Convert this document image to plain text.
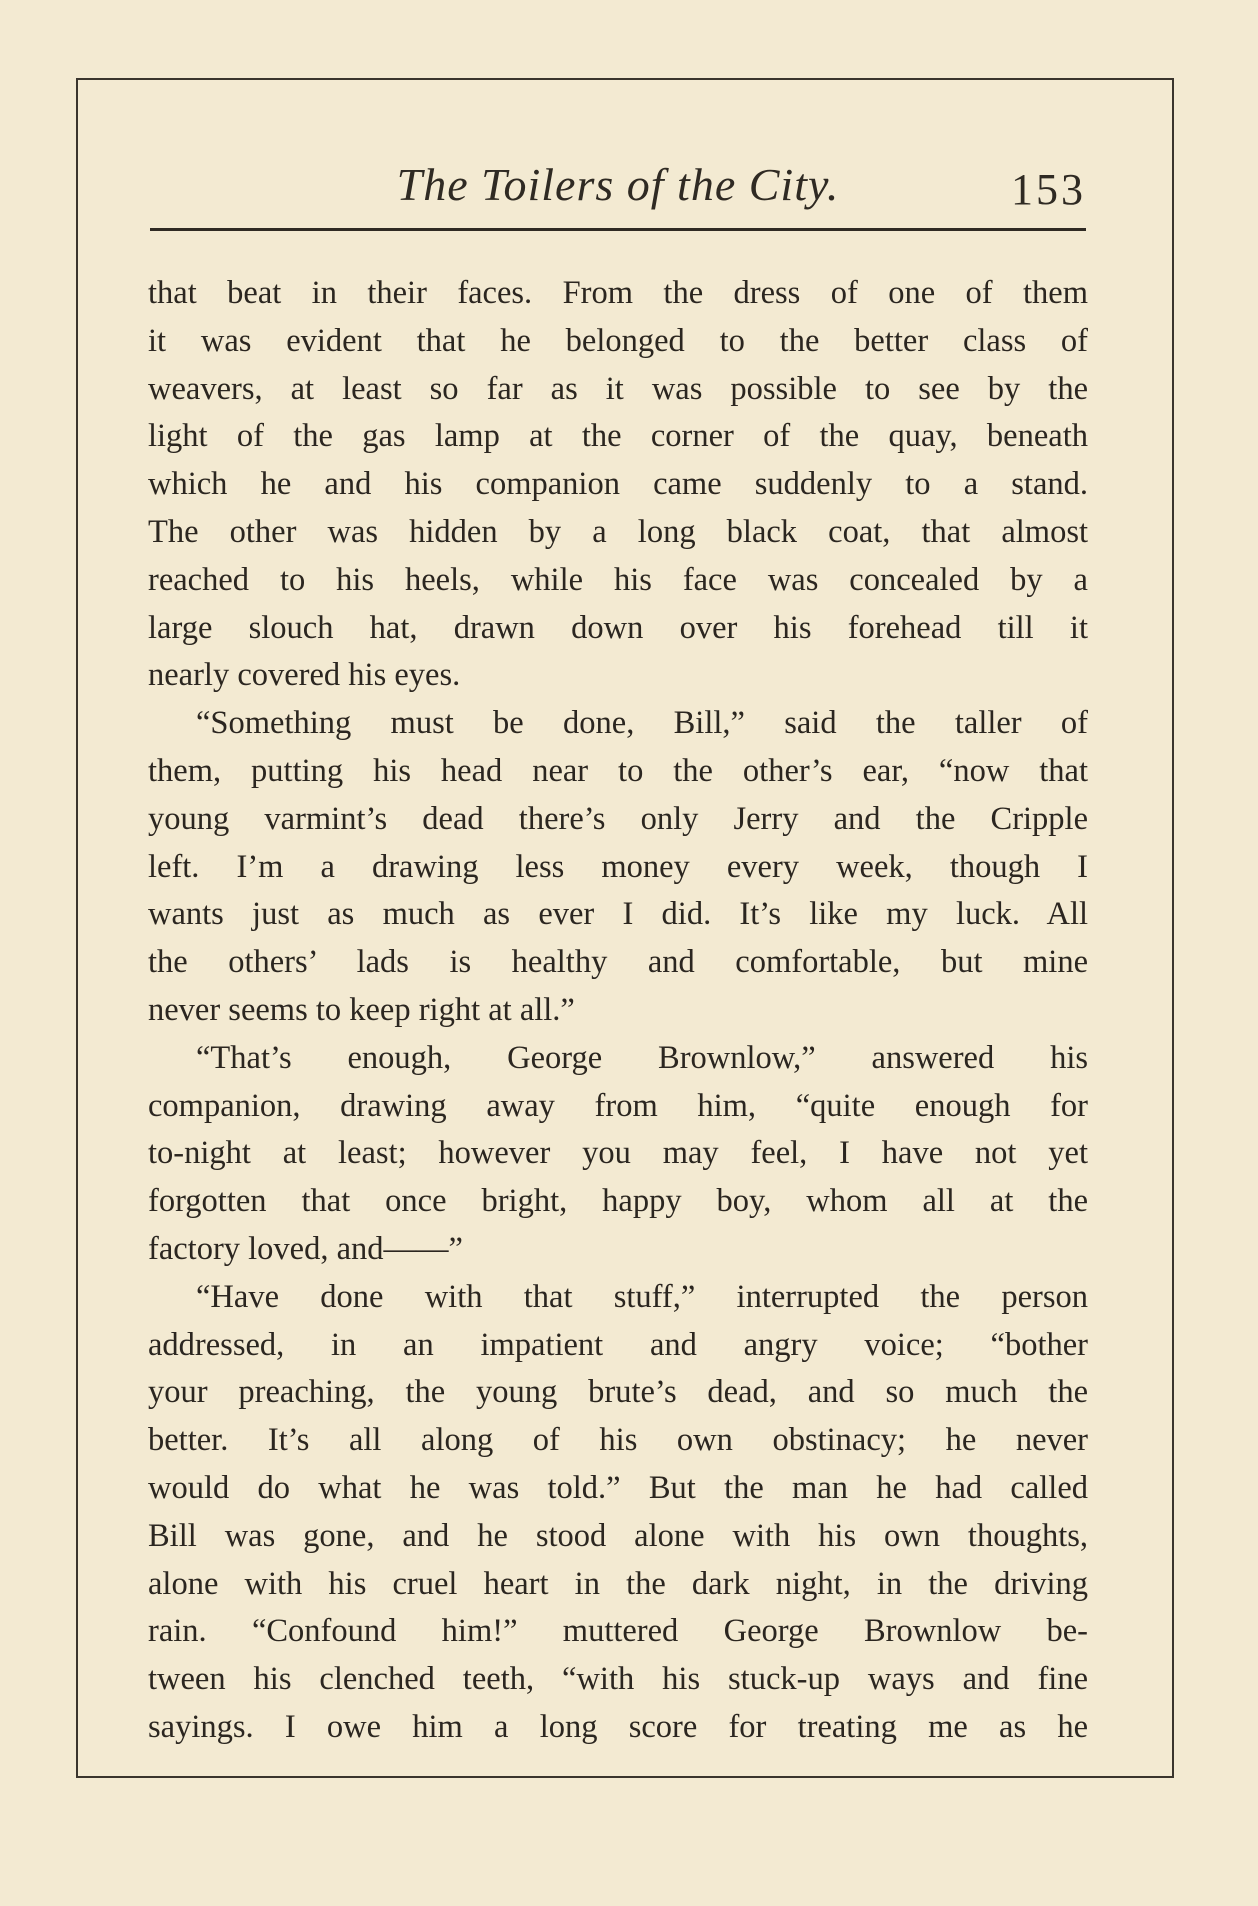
The Toilers of the City.	153
that beat in their faces. From the dress of one of them
it was evident that he belonged to the better class of
weavers, at least so far as it was possible to see by the
light of the gas lamp at the corner of the quay, beneath
which he and his companion came suddenly to a stand.
The other was hidden by a long black coat, that almost
reached to his heels, while his face was concealed by a
large slouch hat, drawn down over his forehead till it
nearly covered his eyes.
“Something must be done, Bill,” said the taller of
them, putting his head near to the other’s ear, “now that
young varmint’s dead there’s only Jerry and the Cripple
left. I’m a drawing less money every week, though I
wants just as much as ever I did. It’s like my luck. All
the others’ lads is healthy and comfortable, but mine
never seems to keep right at all.”
“That’s enough, George Brownlow,” answered his
companion, drawing away from him, “quite enough for
to-night at least; however you may feel, I have not yet
forgotten that once bright, happy boy, whom all at the
factory loved, and——”
“Have done with that stuff,” interrupted the person
addressed, in an impatient and angry voice; “bother
your preaching, the young brute’s dead, and so much the
better. It’s all along of his own obstinacy; he never
would do what he was told.” But the man he had called
Bill was gone, and he stood alone with his own thoughts,
alone with his cruel heart in the dark night, in the driving
rain. “Confound him!” muttered George Brownlow be-
tween his clenched teeth, “with his stuck-up ways and fine
sayings. I owe him a long score for treating me as he
